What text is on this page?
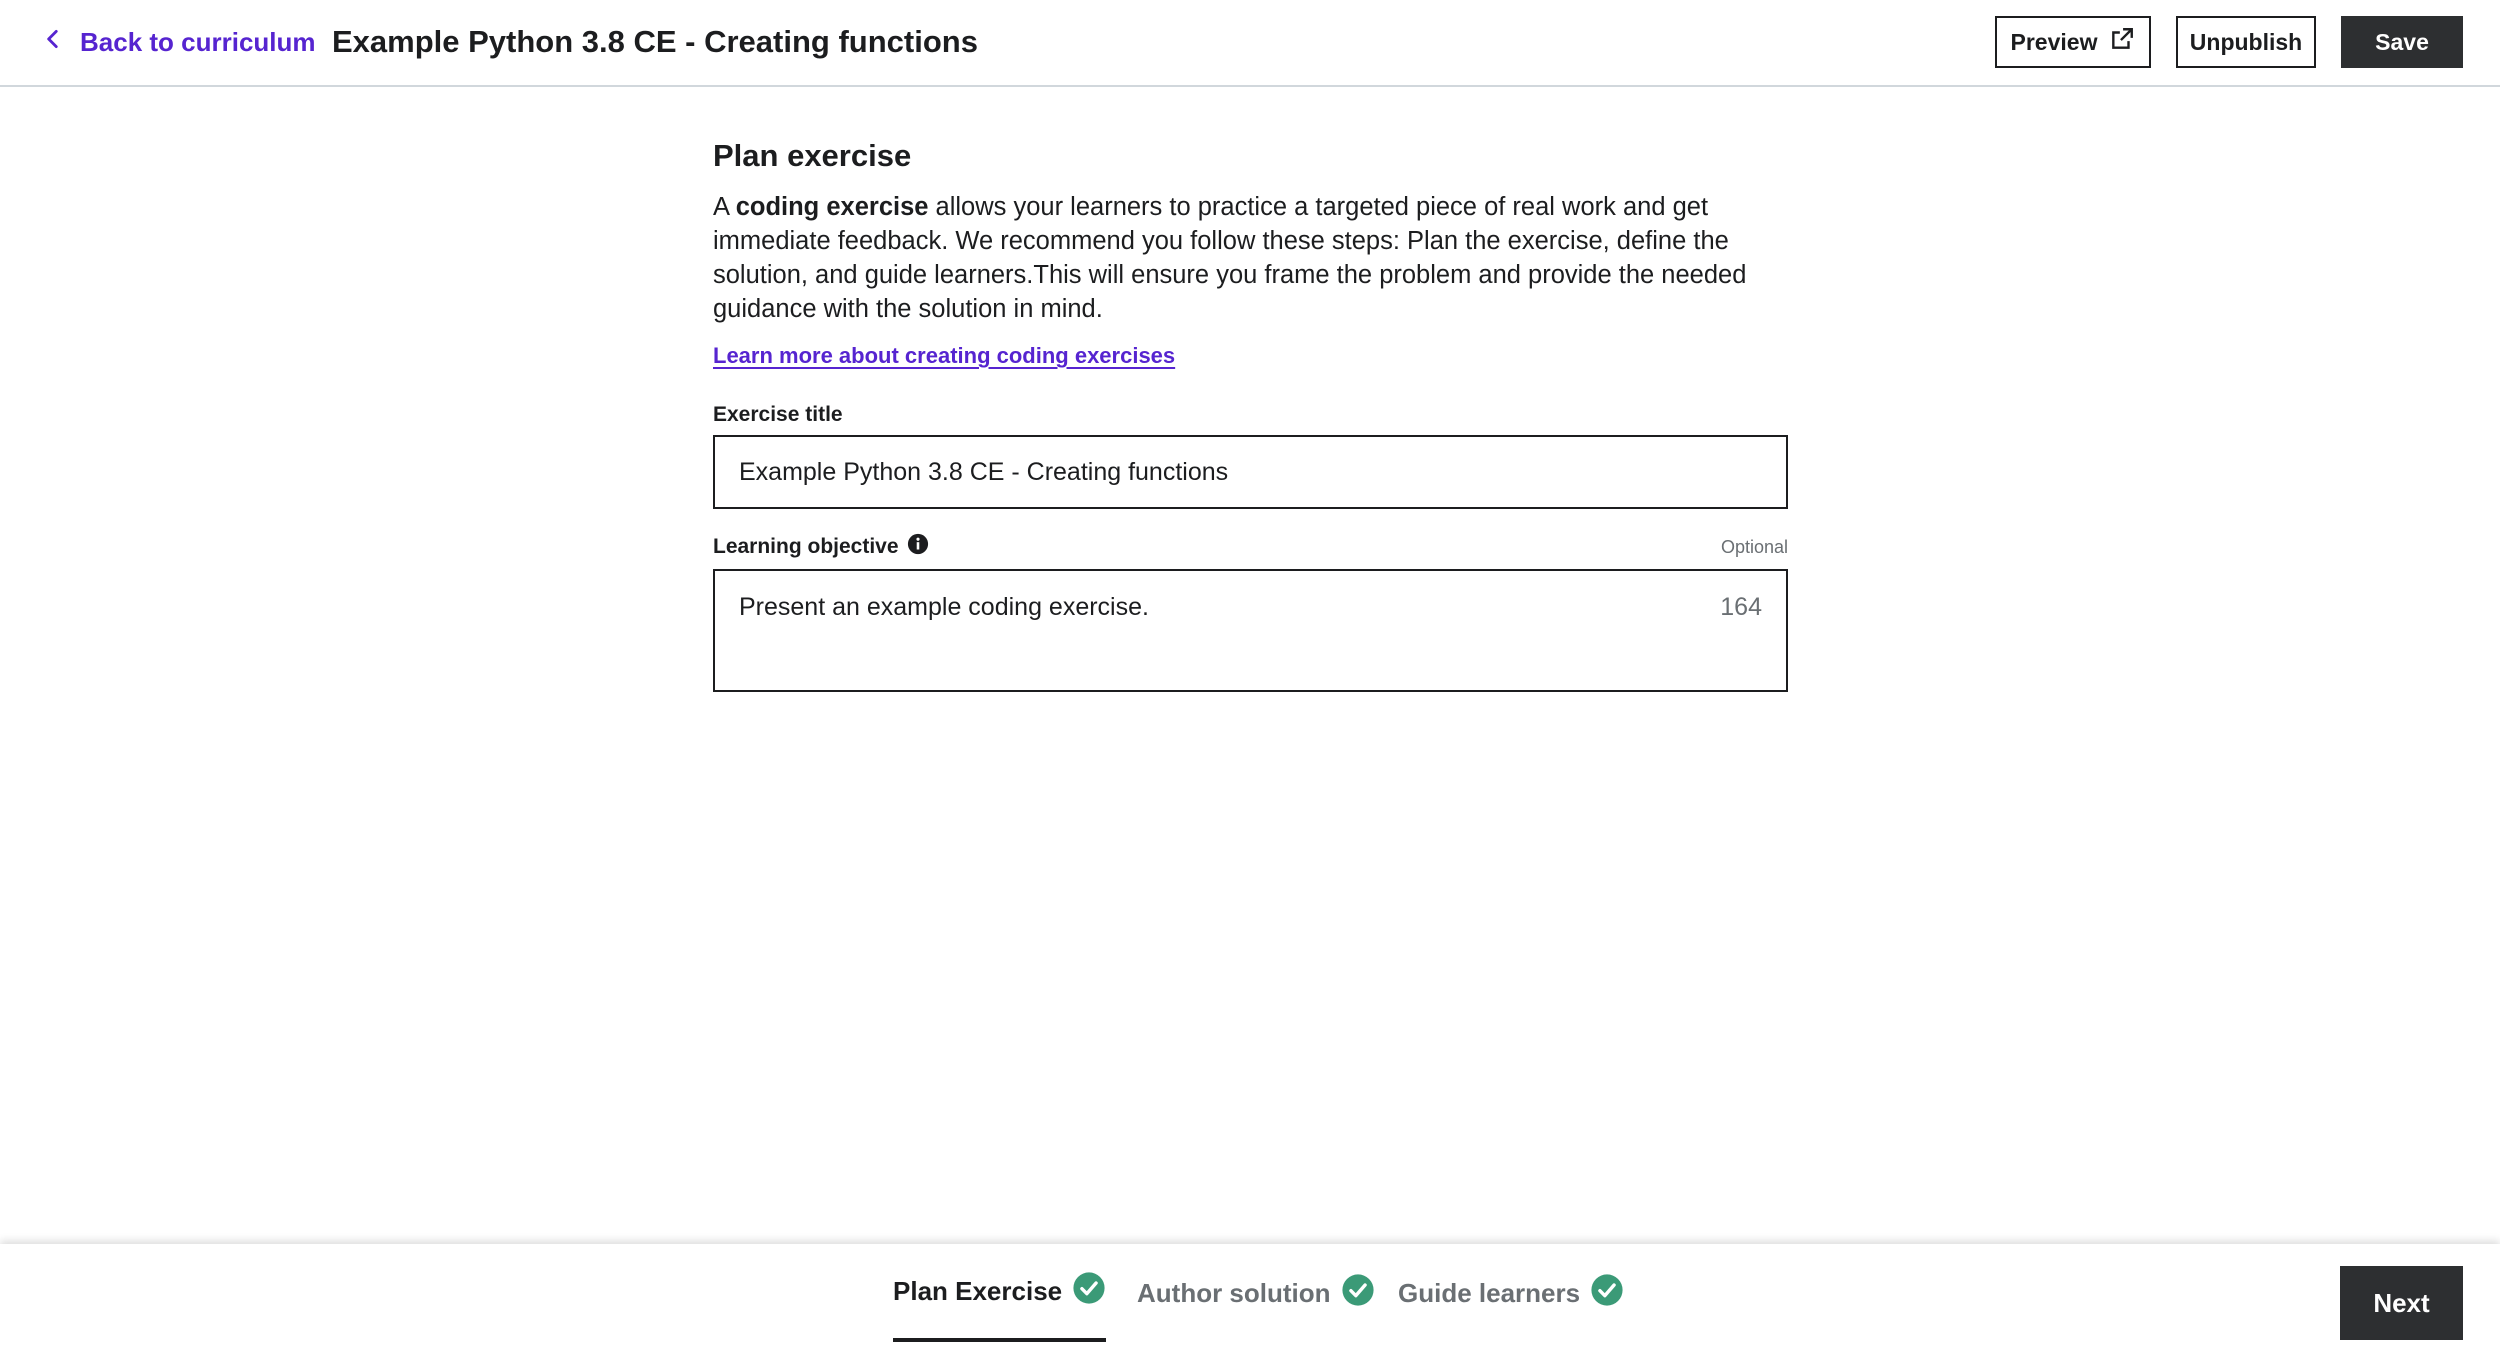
Back to curriculum Example Python 3.8 CE - Creating functions	Preview	Unpublish	Save
Plan exercise

A coding exercise allows your learners to practice a targeted piece of real work and get immediate feedback. We recommend you follow these steps: Plan the exercise, define the solution, and guide learners.This will ensure you frame the problem and provide the needed guidance with the solution in mind.

Learn more about creating coding exercises
Exercise title
Example Python 3.8 CE - Creating functions
Learning objective	Optional
Present an example coding exercise.	164
Plan Exercise	Author solution	Guide learners	Next
